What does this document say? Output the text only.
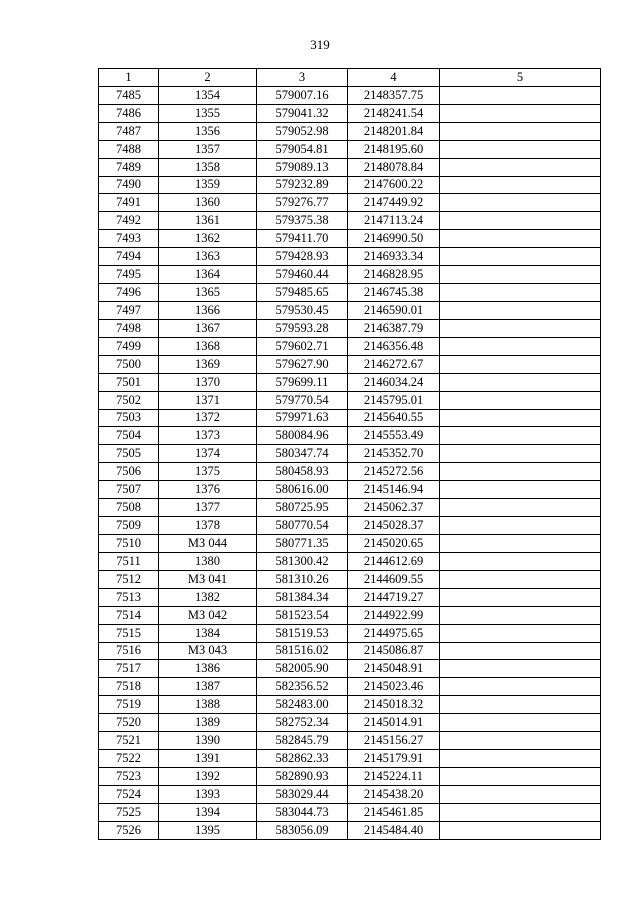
319
1	2	3	4	5
7485	1354	579007.16	2148357.75	
7486	1355	579041.32	2148241.54	
7487	1356	579052.98	2148201.84	
7488	1357	579054.81	2148195.60	
7489	1358	579089.13	2148078.84	
7490	1359	579232.89	2147600.22	
7491	1360	579276.77	2147449.92	
7492	1361	579375.38	2147113.24	
7493	1362	579411.70	2146990.50	
7494	1363	579428.93	2146933.34	
7495	1364	579460.44	2146828.95	
7496	1365	579485.65	2146745.38	
7497	1366	579530.45	2146590.01	
7498	1367	579593.28	2146387.79	
7499	1368	579602.71	2146356.48	
7500	1369	579627.90	2146272.67	
7501	1370	579699.11	2146034.24	
7502	1371	579770.54	2145795.01	
7503	1372	579971.63	2145640.55	
7504	1373	580084.96	2145553.49	
7505	1374	580347.74	2145352.70	
7506	1375	580458.93	2145272.56	
7507	1376	580616.00	2145146.94	
7508	1377	580725.95	2145062.37	
7509	1378	580770.54	2145028.37	
7510	МЗ 044	580771.35	2145020.65	
7511	1380	581300.42	2144612.69	
7512	МЗ 041	581310.26	2144609.55	
7513	1382	581384.34	2144719.27	
7514	МЗ 042	581523.54	2144922.99	
7515	1384	581519.53	2144975.65	
7516	МЗ 043	581516.02	2145086.87	
7517	1386	582005.90	2145048.91	
7518	1387	582356.52	2145023.46	
7519	1388	582483.00	2145018.32	
7520	1389	582752.34	2145014.91	
7521	1390	582845.79	2145156.27	
7522	1391	582862.33	2145179.91	
7523	1392	582890.93	2145224.11	
7524	1393	583029.44	2145438.20	
7525	1394	583044.73	2145461.85	
7526	1395	583056.09	2145484.40	
